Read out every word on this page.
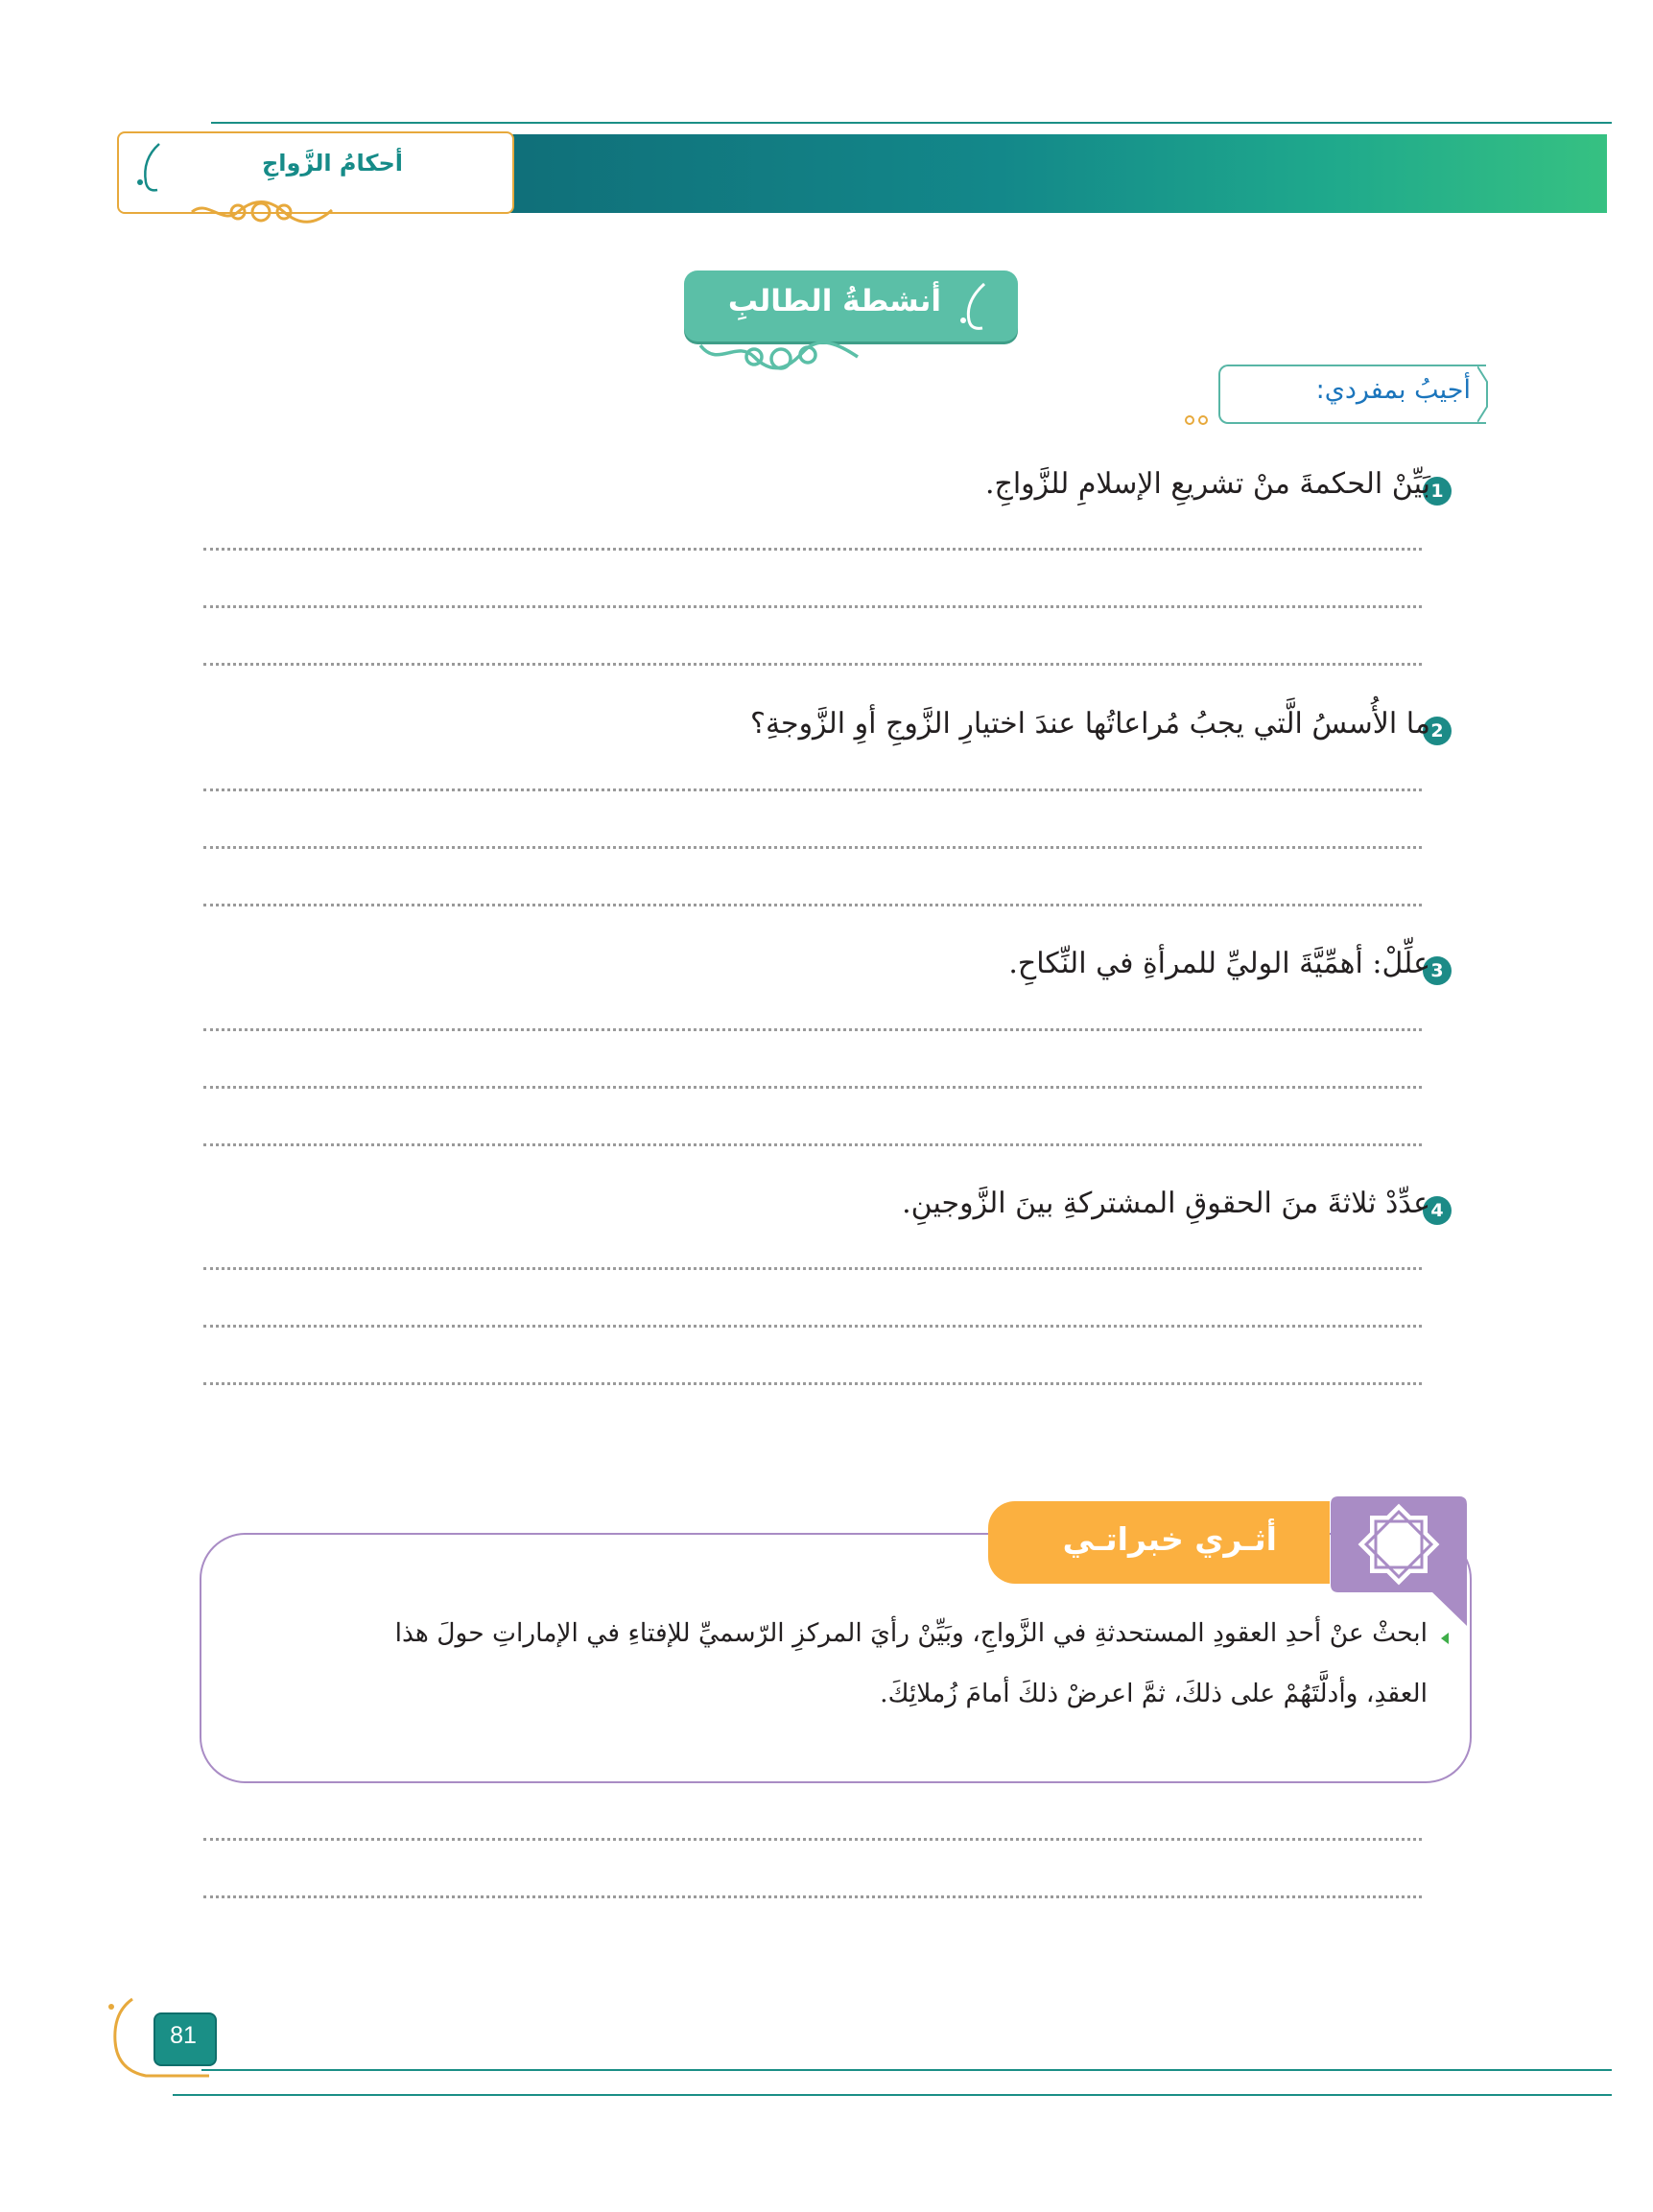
أحكامُ الزَّواجِ
أنشطةُ الطالبِ
أجيبُ بمفردي:
1
بَيِّنْ الحكمةَ منْ تشريعِ الإسلامِ للزَّواجِ.
2
ما الأُسسُ الَّتي يجبُ مُراعاتُها عندَ اختيارِ الزَّوجِ أوِ الزَّوجةِ؟
3
علِّلْ: أهمِّيَّةَ الوليِّ للمرأةِ في النِّكاحِ.
4
عدِّدْ ثلاثةَ منَ الحقوقِ المشتركةِ بينَ الزَّوجينِ.
أثـري خبراتـي
ابحثْ عنْ أحدِ العقودِ المستحدثةِ في الزَّواجِ، وبَيِّنْ رأيَ المركزِ الرّسميِّ للإفتاءِ في الإماراتِ حولَ هذا
العقدِ، وأدلَّتَهُمْ على ذلكَ، ثمَّ اعرضْ ذلكَ أمامَ زُملائِكَ.
81
